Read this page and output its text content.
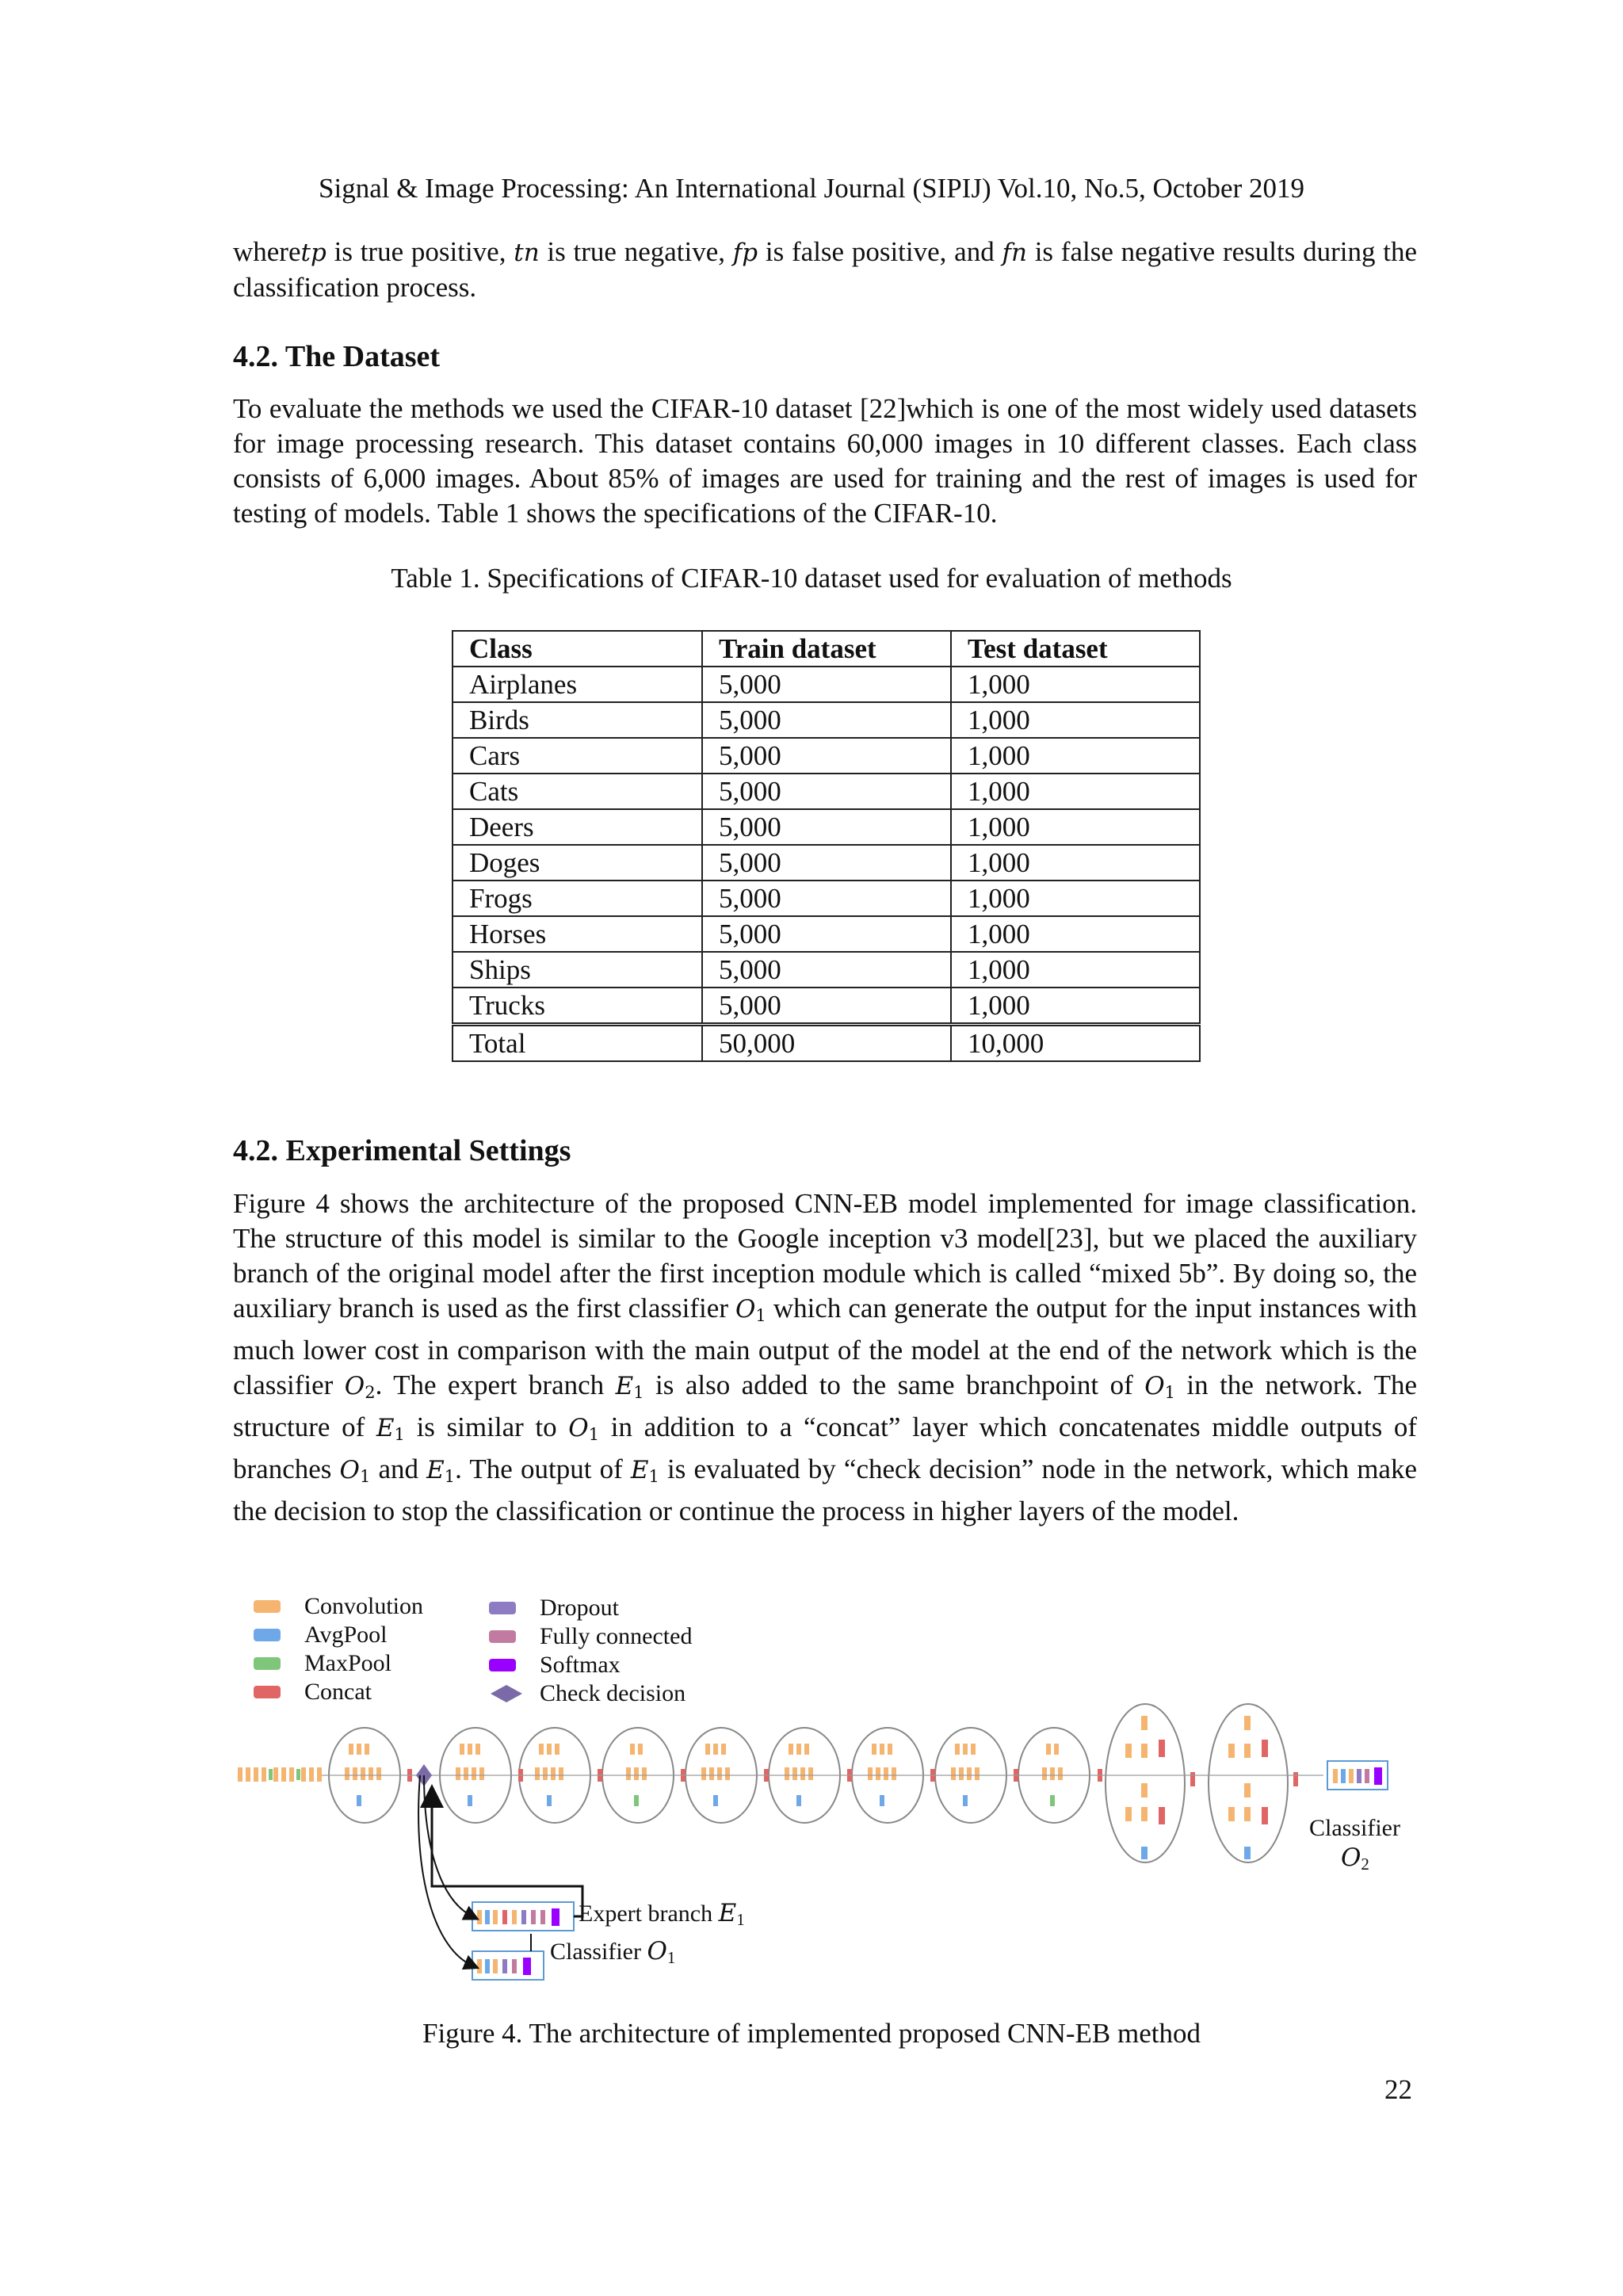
Signal & Image Processing: An International Journal (SIPIJ) Vol.10, No.5, October 2019

wheretp is true positive, tn is true negative, fp is false positive, and fn is false negative results during the classification process.

4.2. The Dataset

To evaluate the methods we used the CIFAR-10 dataset [22]which is one of the most widely used datasets for image processing research. This dataset contains 60,000 images in 10 different classes. Each class consists of 6,000 images. About 85% of images are used for training and the rest of images is used for testing of models. Table 1 shows the specifications of the CIFAR-10.

Table 1. Specifications of CIFAR-10 dataset used for evaluation of methods
Class	Train dataset	Test dataset
Airplanes	5,000	1,000
Birds	5,000	1,000
Cars	5,000	1,000
Cats	5,000	1,000
Deers	5,000	1,000
Doges	5,000	1,000
Frogs	5,000	1,000
Horses	5,000	1,000
Ships	5,000	1,000
Trucks	5,000	1,000
Total	50,000	10,000
4.2. Experimental Settings

Figure 4 shows the architecture of the proposed CNN-EB model implemented for image classification. The structure of this model is similar to the Google inception v3 model[23], but we placed the auxiliary branch of the original model after the first inception module which is called “mixed 5b”. By doing so, the auxiliary branch is used as the first classifier $O_1$ which can generate the output for the input instances with much lower cost in comparison with the main output of the model at the end of the network which is the classifier $O_2$. The expert branch $E_1$ is also added to the same branchpoint of $O_1$ in the network. The structure of $E_1$ is similar to $O_1$ in addition to a “concat” layer which concatenates middle outputs of branches $O_1$ and $E_1$. The output of $E_1$ is evaluated by “check decision” node in the network, which make the decision to stop the classification or continue the process in higher layers of the model.

Convolution
AvgPool
MaxPool
Concat
Dropout
Fully connected
Softmax
Check decision
Classifier
$O_2$
Expert branch $E_1$
Classifier $O_1$
Figure 4. The architecture of implemented proposed CNN-EB method
22
